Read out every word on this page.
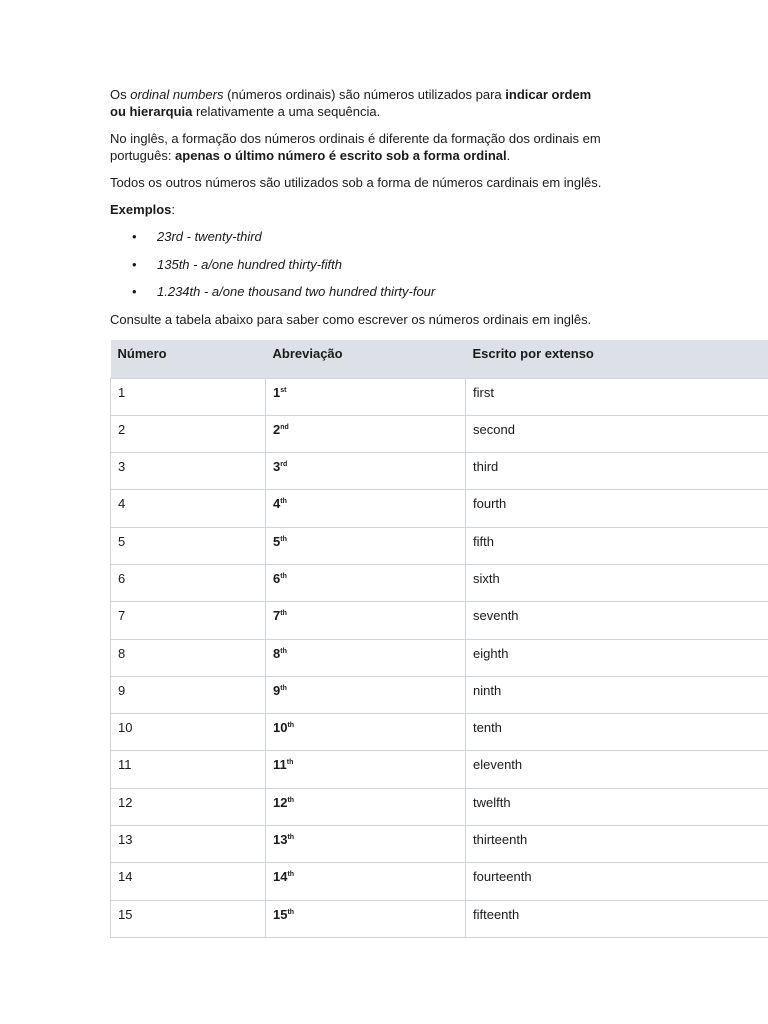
Os ordinal numbers (números ordinais) são números utilizados para indicar ordem ou hierarquia relativamente a uma sequência.

No inglês, a formação dos números ordinais é diferente da formação dos ordinais em português: apenas o último número é escrito sob a forma ordinal.

Todos os outros números são utilizados sob a forma de números cardinais em inglês.

Exemplos:

• 23rd - twenty-third
• 135th - a/one hundred thirty-fifth
• 1.234th - a/one thousand two hundred thirty-four

Consulte a tabela abaixo para saber como escrever os números ordinais em inglês.

Número	Abreviação	Escrito por extenso
1	1st	first
2	2nd	second
3	3rd	third
4	4th	fourth
5	5th	fifth
6	6th	sixth
7	7th	seventh
8	8th	eighth
9	9th	ninth
10	10th	tenth
11	11th	eleventh
12	12th	twelfth
13	13th	thirteenth
14	14th	fourteenth
15	15th	fifteenth
